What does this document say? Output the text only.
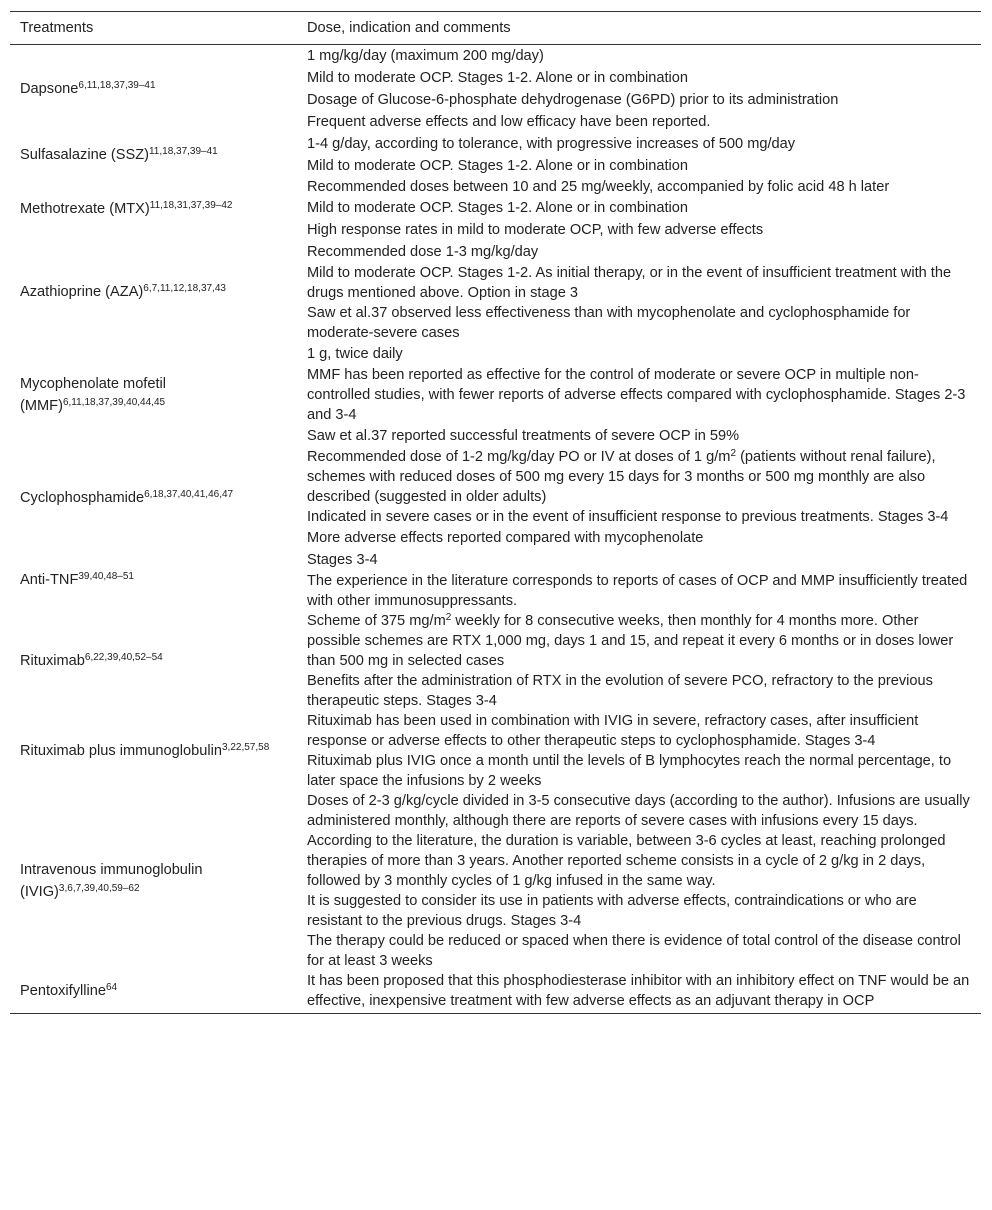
Treatments	Dose, indication and comments
Dapsone$^{6,11,18,37,39-41}$	1 mg/kg/day (maximum 200 mg/day)
Mild to moderate OCP. Stages 1-2. Alone or in combination
Dosage of Glucose-6-phosphate dehydrogenase (G6PD) prior to its administration
Frequent adverse effects and low efficacy have been reported.

Sulfasalazine (SSZ)$^{11,18,37,39-41}$	1-4 g/day, according to tolerance, with progressive increases of 500 mg/day
Mild to moderate OCP. Stages 1-2. Alone or in combination

Methotrexate (MTX)$^{11,18,31,37,39-42}$	Recommended doses between 10 and 25 mg/weekly, accompanied by folic acid 48 h later
Mild to moderate OCP. Stages 1-2. Alone or in combination
High response rates in mild to moderate OCP, with few adverse effects

Azathioprine (AZA)$^{6,7,11,12,18,37,43}$	Recommended dose 1-3 mg/kg/day
Mild to moderate OCP. Stages 1-2. As initial therapy, or in the event of insufficient treatment with the drugs mentioned above. Option in stage 3
Saw et al.37 observed less effectiveness than with mycophenolate and cyclophosphamide for moderate-severe cases

Mycophenolate mofetil (MMF)$^{6,11,18,37,39,40,44,45}$	1 g, twice daily
MMF has been reported as effective for the control of moderate or severe OCP in multiple non-controlled studies, with fewer reports of adverse effects compared with cyclophosphamide. Stages 2-3 and 3-4
Saw et al.37 reported successful treatments of severe OCP in 59%

Cyclophosphamide$^{6,18,37,40,41,46,47}$	Recommended dose of 1-2 mg/kg/day PO or IV at doses of 1 $g/m^2$ (patients without renal failure), schemes with reduced doses of 500 mg every 15 days for 3 months or 500 mg monthly are also described (suggested in older adults)
Indicated in severe cases or in the event of insufficient response to previous treatments. Stages 3-4
More adverse effects reported compared with mycophenolate

Anti-TNF$^{39,40,48-51}$	Stages 3-4
The experience in the literature corresponds to reports of cases of OCP and MMP insufficiently treated with other immunosuppressants.

Rituximab$^{6,22,39,40,52-54}$	Scheme of 375 $mg/m^2$ weekly for 8 consecutive weeks, then monthly for 4 months more. Other possible schemes are RTX 1,000 mg, days 1 and 15, and repeat it every 6 months or in doses lower than 500 mg in selected cases
Benefits after the administration of RTX in the evolution of severe PCO, refractory to the previous therapeutic steps. Stages 3-4

Rituximab plus immunoglobulin$^{3,22,57,58}$	Rituximab has been used in combination with IVIG in severe, refractory cases, after insufficient response or adverse effects to other therapeutic steps to cyclophosphamide. Stages 3-4
Rituximab plus IVIG once a month until the levels of B lymphocytes reach the normal percentage, to later space the infusions by 2 weeks

Intravenous immunoglobulin (IVIG)$^{3,6,7,39,40,59-62}$	Doses of 2-3 g/kg/cycle divided in 3-5 consecutive days (according to the author). Infusions are usually administered monthly, although there are reports of severe cases with infusions every 15 days. According to the literature, the duration is variable, between 3-6 cycles at least, reaching prolonged therapies of more than 3 years. Another reported scheme consists in a cycle of 2 g/kg in 2 days, followed by 3 monthly cycles of 1 g/kg infused in the same way.
It is suggested to consider its use in patients with adverse effects, contraindications or who are resistant to the previous drugs. Stages 3-4
The therapy could be reduced or spaced when there is evidence of total control of the disease control for at least 3 weeks

Pentoxifylline$^{64}$	It has been proposed that this phosphodiesterase inhibitor with an inhibitory effect on TNF would be an effective, inexpensive treatment with few adverse effects as an adjuvant therapy in OCP
